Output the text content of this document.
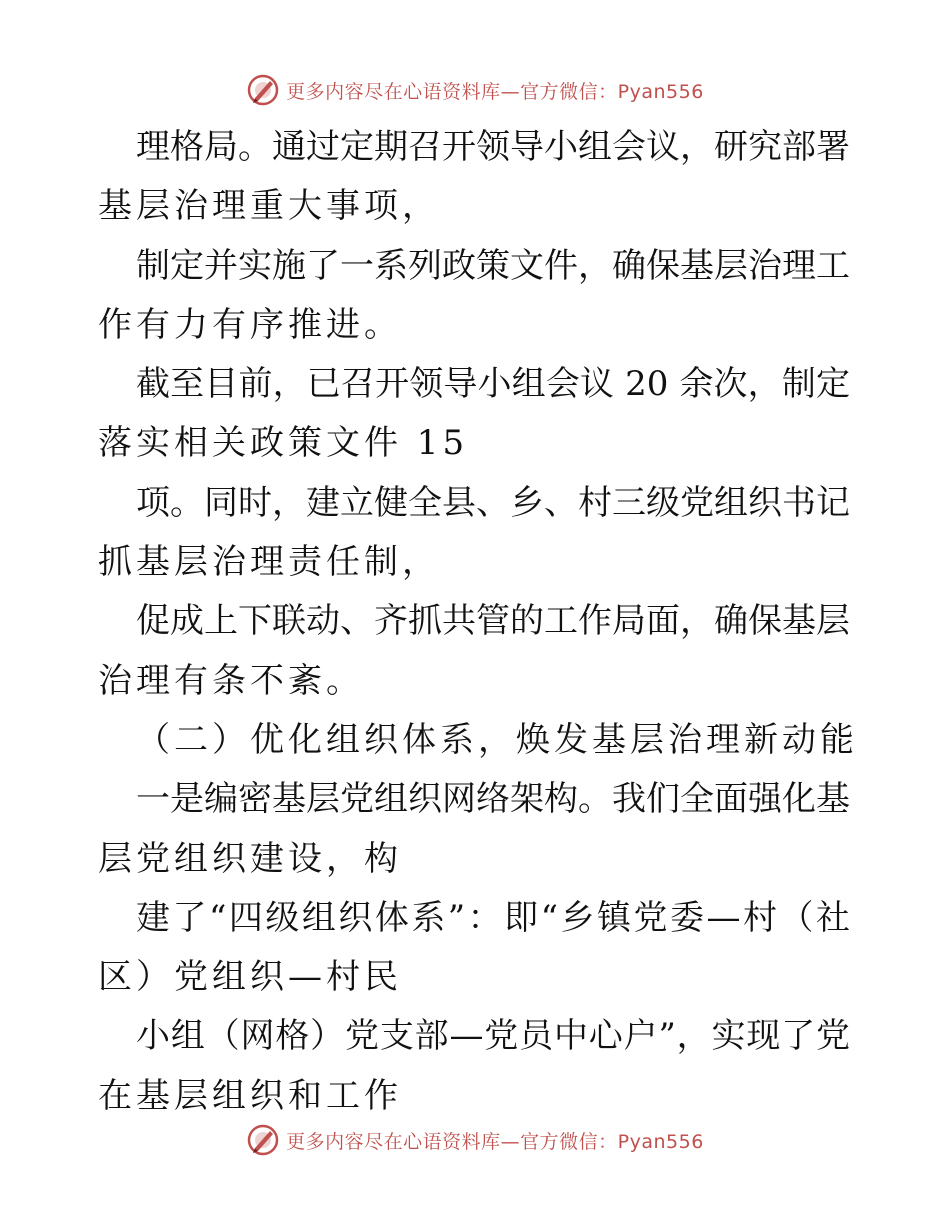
更多内容尽在心语资料库—官方微信：Pyan556
理格局。通过定期召开领导小组会议，研究部署
基层治理重大事项，
制定并实施了一系列政策文件，确保基层治理工
作有力有序推进。
截至目前，已召开领导小组会议 20 余次，制定
落实相关政策文件 15
项。同时，建立健全县、乡、村三级党组织书记
抓基层治理责任制，
促成上下联动、齐抓共管的工作局面，确保基层
治理有条不紊。
（二）优化组织体系，焕发基层治理新动能
一是编密基层党组织网络架构。我们全面强化基
层党组织建设，构
建了“四级组织体系”：即“乡镇党委—村（社
区）党组织—村民
小组（网格）党支部—党员中心户”，实现了党
在基层组织和工作
更多内容尽在心语资料库—官方微信：Pyan556
